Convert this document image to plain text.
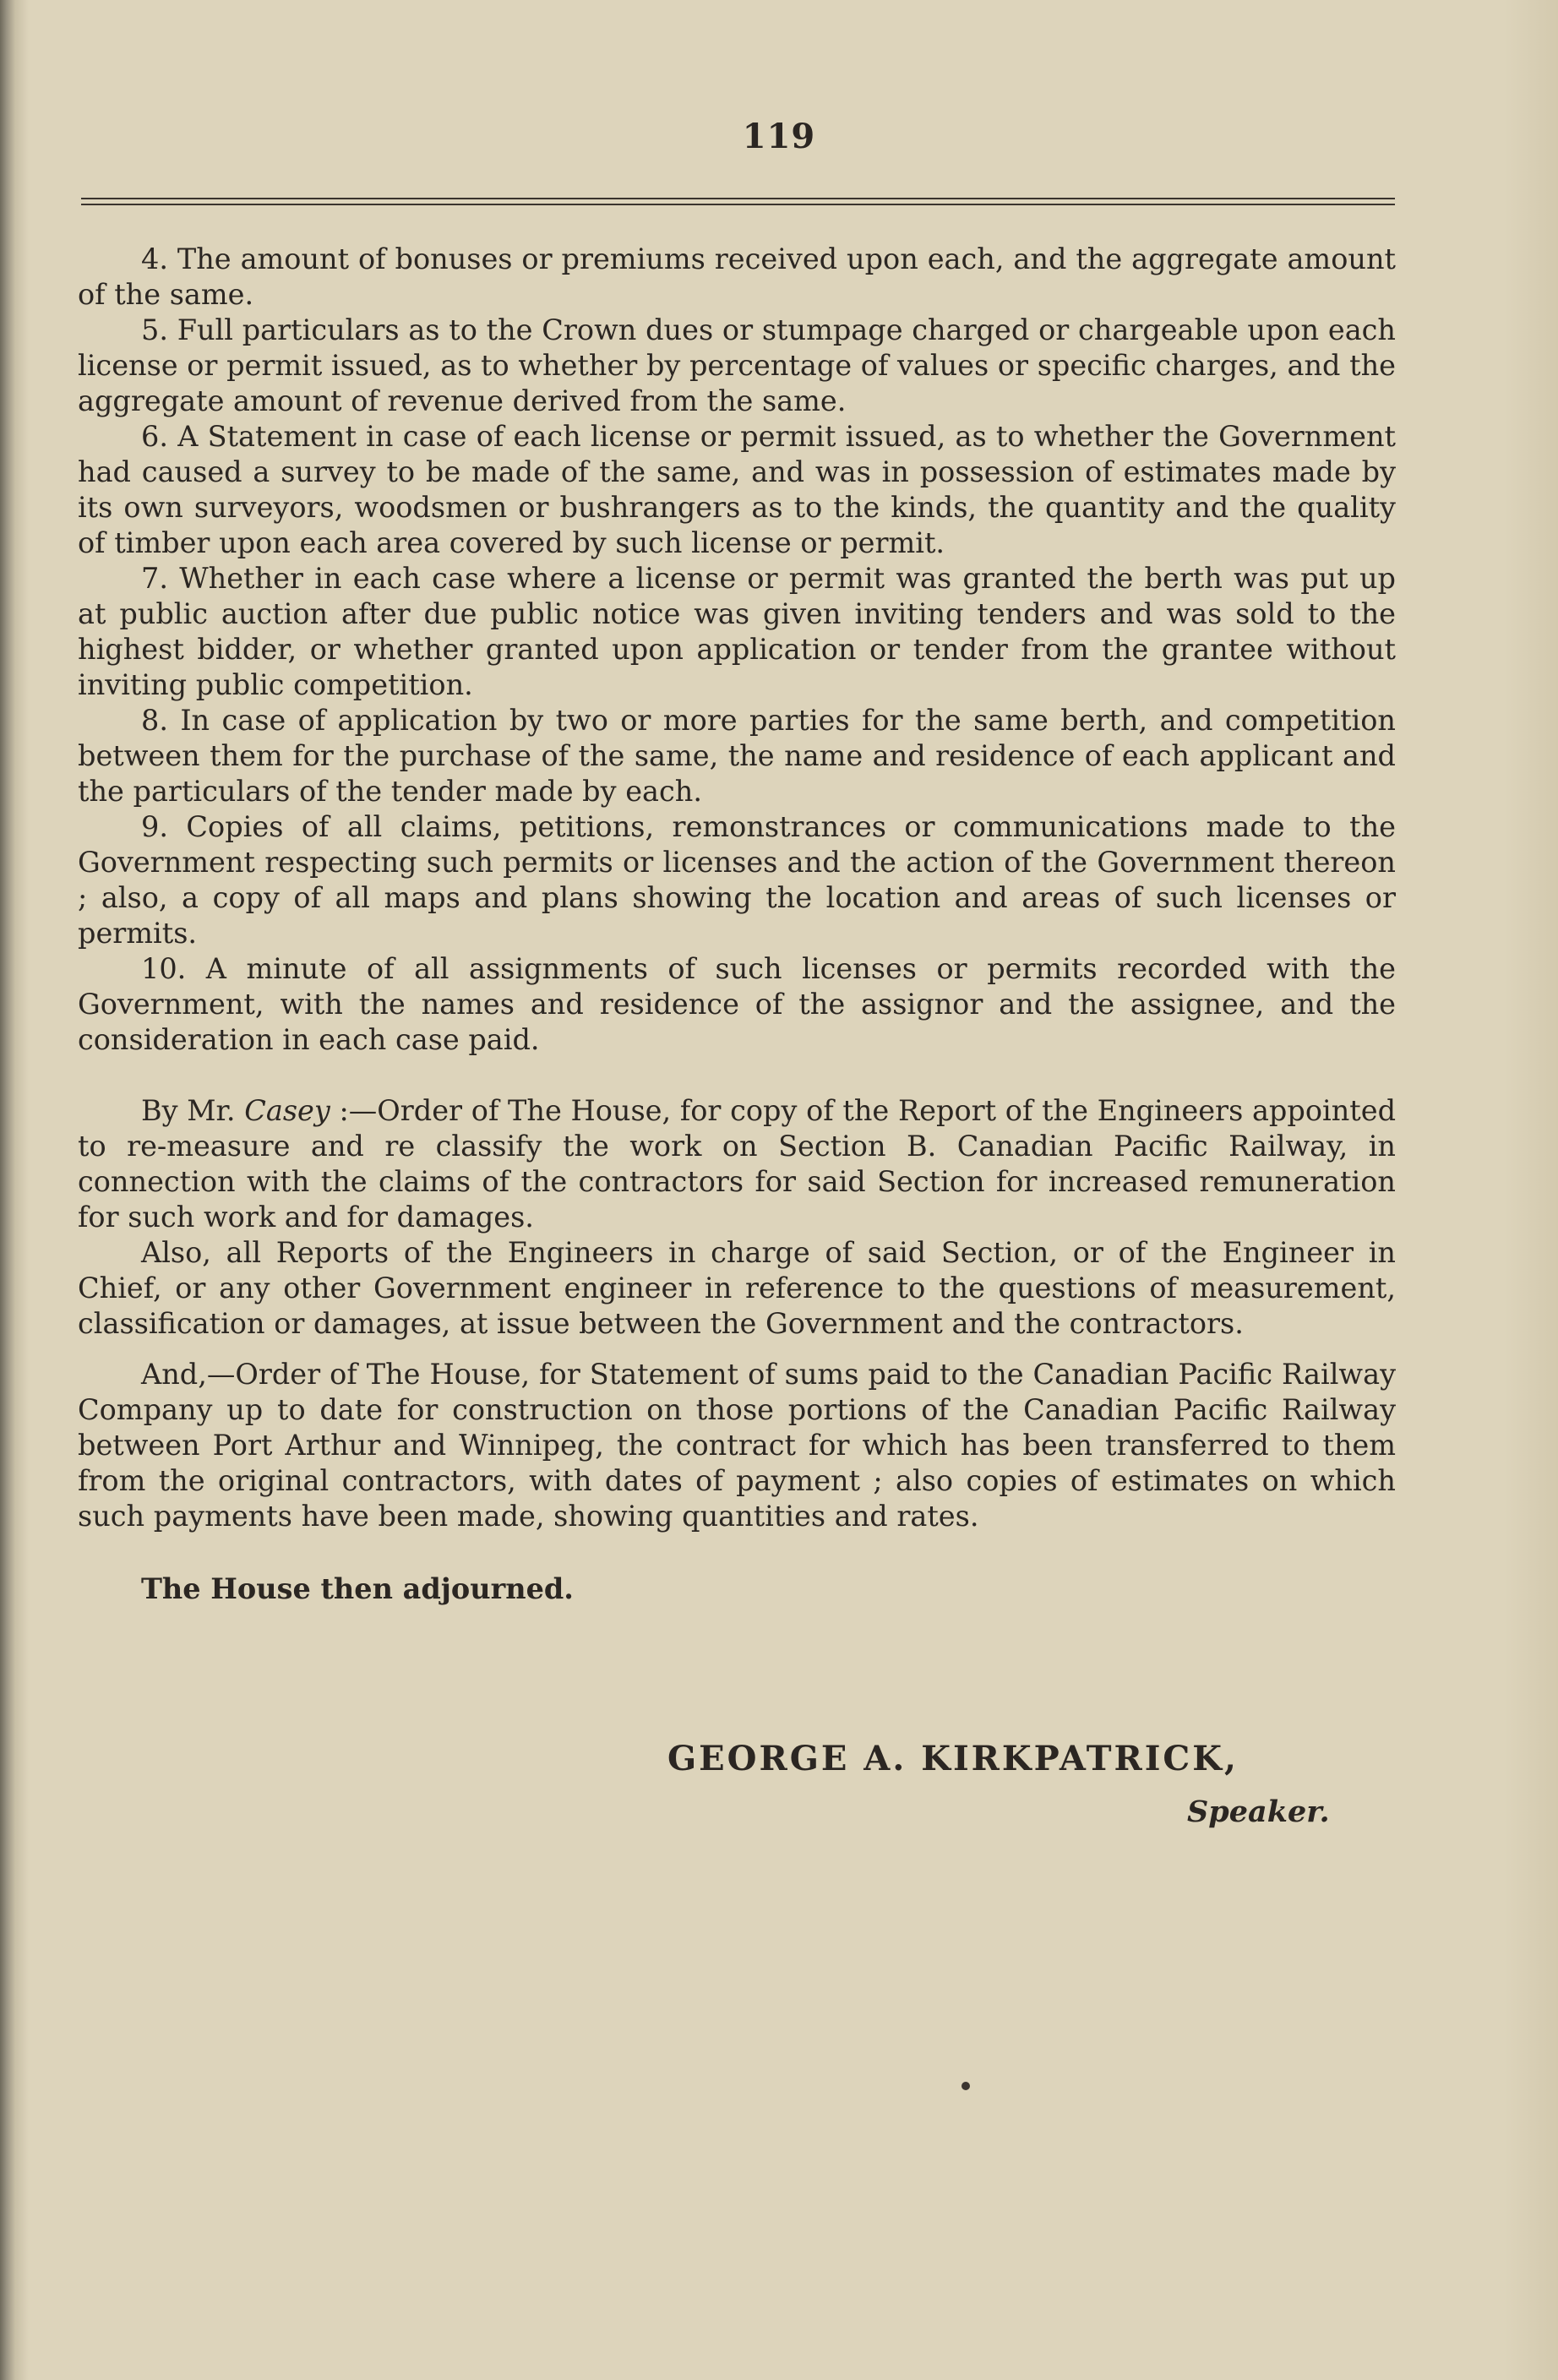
119

4. The amount of bonuses or premiums received upon each, and the aggregate amount of the same.

5. Full particulars as to the Crown dues or stumpage charged or chargeable upon each license or permit issued, as to whether by percentage of values or specific charges, and the aggregate amount of revenue derived from the same.

6. A Statement in case of each license or permit issued, as to whether the Government had caused a survey to be made of the same, and was in possession of estimates made by its own surveyors, woodsmen or bushrangers as to the kinds, the quantity and the quality of timber upon each area covered by such license or permit.

7. Whether in each case where a license or permit was granted the berth was put up at public auction after due public notice was given inviting tenders and was sold to the highest bidder, or whether granted upon application or tender from the grantee without inviting public competition.

8. In case of application by two or more parties for the same berth, and competition between them for the purchase of the same, the name and residence of each applicant and the particulars of the tender made by each.

9. Copies of all claims, petitions, remonstrances or communications made to the Government respecting such permits or licenses and the action of the Government thereon ; also, a copy of all maps and plans showing the location and areas of such licenses or permits.

10. A minute of all assignments of such licenses or permits recorded with the Government, with the names and residence of the assignor and the assignee, and the consideration in each case paid.

By Mr. Casey :—Order of The House, for copy of the Report of the Engineers appointed to re-measure and re classify the work on Section B. Canadian Pacific Railway, in connection with the claims of the contractors for said Section for increased remuneration for such work and for damages.

Also, all Reports of the Engineers in charge of said Section, or of the Engineer in Chief, or any other Government engineer in reference to the questions of measurement, classification or damages, at issue between the Government and the contractors.

And,—Order of The House, for Statement of sums paid to the Canadian Pacific Railway Company up to date for construction on those portions of the Canadian Pacific Railway between Port Arthur and Winnipeg, the contract for which has been transferred to them from the original contractors, with dates of payment ; also copies of estimates on which such payments have been made, showing quantities and rates.

The House then adjourned.

GEORGE A. KIRKPATRICK,
Speaker.
